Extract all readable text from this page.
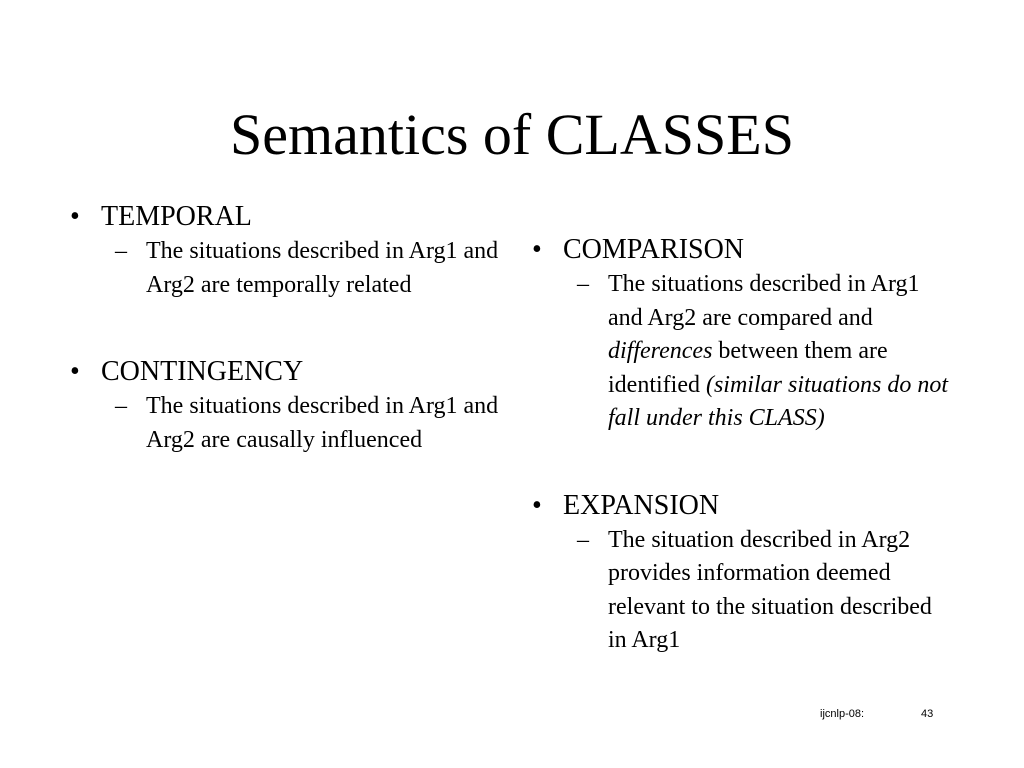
Semantics of CLASSES
• TEMPORAL
– The situations described in Arg1 and Arg2 are temporally related
• CONTINGENCY
– The situations described in Arg1 and Arg2 are causally influenced
• COMPARISON
– The situations described in Arg1 and Arg2 are compared and differences between them are identified (similar situations do not fall under this CLASS)
• EXPANSION
– The situation described in Arg2 provides information deemed relevant to the situation described in Arg1
ijcnlp-08:	43
